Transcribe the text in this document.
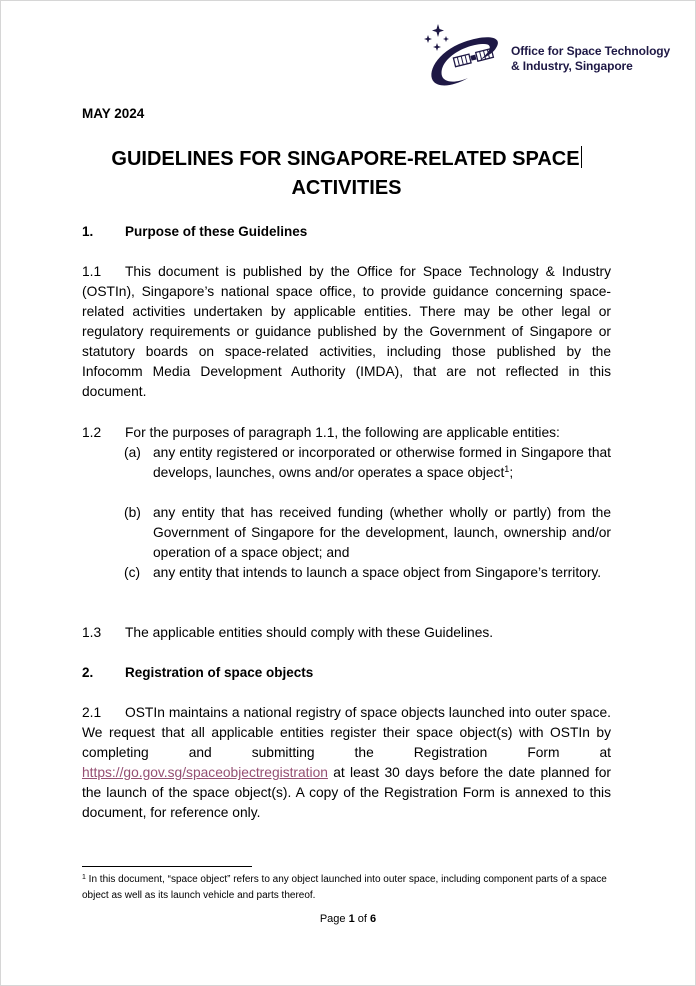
Office for Space Technology
& Industry, Singapore
MAY 2024
GUIDELINES FOR SINGAPORE-RELATED SPACE
ACTIVITIES
1. Purpose of these Guidelines
1.1 This document is published by the Office for Space Technology & Industry (OSTIn), Singapore’s national space office, to provide guidance concerning space-related activities undertaken by applicable entities. There may be other legal or regulatory requirements or guidance published by the Government of Singapore or statutory boards on space-related activities, including those published by the Infocomm Media Development Authority (IMDA), that are not reflected in this document.
1.2 For the purposes of paragraph 1.1, the following are applicable entities:
(a) any entity registered or incorporated or otherwise formed in Singapore that develops, launches, owns and/or operates a space object$^1$;
(b) any entity that has received funding (whether wholly or partly) from the Government of Singapore for the development, launch, ownership and/or operation of a space object; and
(c) any entity that intends to launch a space object from Singapore’s territory.
1.3 The applicable entities should comply with these Guidelines.
2. Registration of space objects
2.1 OSTIn maintains a national registry of space objects launched into outer space. We request that all applicable entities register their space object(s) with OSTIn by completing and submitting the Registration Form at https://go.gov.sg/spaceobjectregistration at least 30 days before the date planned for the launch of the space object(s). A copy of the Registration Form is annexed to this document, for reference only.
$^1$ In this document, “space object” refers to any object launched into outer space, including component parts of a space object as well as its launch vehicle and parts thereof.
Page 1 of 6
